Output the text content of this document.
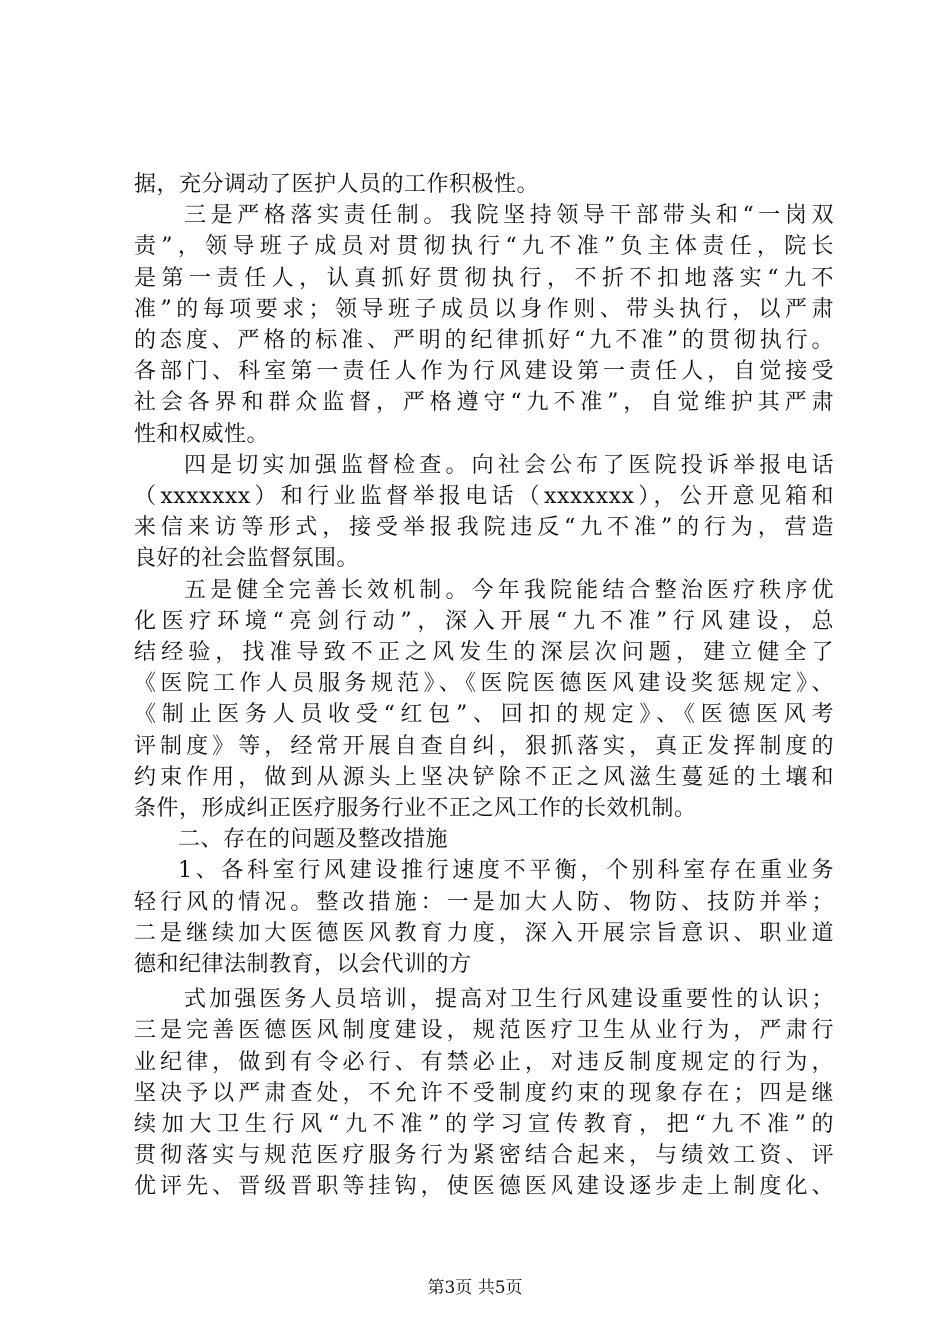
据，充分调动了医护人员的工作积极性。

三是严格落实责任制。我院坚持领导干部带头和“一岗双

责”，领导班子成员对贯彻执行“九不准”负主体责任，院长

是第一责任人，认真抓好贯彻执行，不折不扣地落实“九不

准”的每项要求；领导班子成员以身作则、带头执行，以严肃

的态度、严格的标准、严明的纪律抓好“九不准”的贯彻执行。

各部门、科室第一责任人作为行风建设第一责任人，自觉接受

社会各界和群众监督，严格遵守“九不准”，自觉维护其严肃

性和权威性。

四是切实加强监督检查。向社会公布了医院投诉举报电话

（xxxxxxx）和行业监督举报电话（xxxxxxx），公开意见箱和

来信来访等形式，接受举报我院违反“九不准”的行为，营造

良好的社会监督氛围。

五是健全完善长效机制。今年我院能结合整治医疗秩序优

化医疗环境“亮剑行动”，深入开展“九不准”行风建设，总

结经验，找准导致不正之风发生的深层次问题，建立健全了

《医院工作人员服务规范》、《医院医德医风建设奖惩规定》、

《制止医务人员收受“红包”、回扣的规定》、《医德医风考

评制度》等，经常开展自查自纠，狠抓落实，真正发挥制度的

约束作用，做到从源头上坚决铲除不正之风滋生蔓延的土壤和

条件，形成纠正医疗服务行业不正之风工作的长效机制。

二、存在的问题及整改措施

1、各科室行风建设推行速度不平衡，个别科室存在重业务

轻行风的情况。整改措施：一是加大人防、物防、技防并举；

二是继续加大医德医风教育力度，深入开展宗旨意识、职业道

德和纪律法制教育，以会代训的方

式加强医务人员培训，提高对卫生行风建设重要性的认识；

三是完善医德医风制度建设，规范医疗卫生从业行为，严肃行

业纪律，做到有令必行、有禁必止，对违反制度规定的行为，

坚决予以严肃查处，不允许不受制度约束的现象存在；四是继

续加大卫生行风“九不准”的学习宣传教育，把“九不准”的

贯彻落实与规范医疗服务行为紧密结合起来，与绩效工资、评

优评先、晋级晋职等挂钩，使医德医风建设逐步走上制度化、

第3页 共5页
